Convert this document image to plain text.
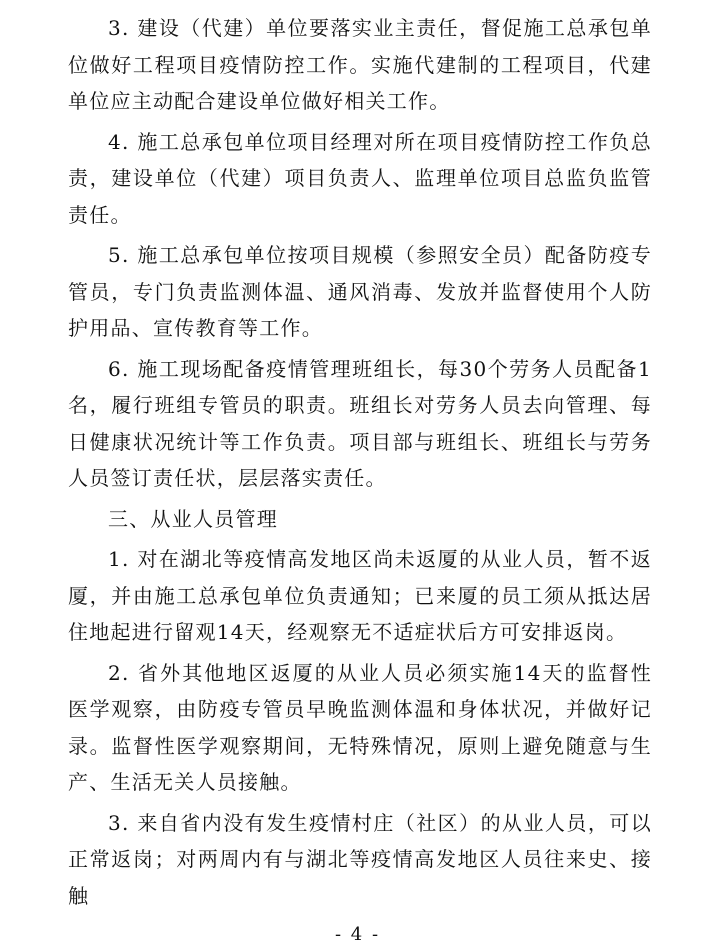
3. 建设（代建）单位要落实业主责任，督促施工总承包单位做好工程项目疫情防控工作。实施代建制的工程项目，代建单位应主动配合建设单位做好相关工作。

4. 施工总承包单位项目经理对所在项目疫情防控工作负总责，建设单位（代建）项目负责人、监理单位项目总监负监管责任。

5. 施工总承包单位按项目规模（参照安全员）配备防疫专管员，专门负责监测体温、通风消毒、发放并监督使用个人防护用品、宣传教育等工作。

6. 施工现场配备疫情管理班组长，每30个劳务人员配备1名，履行班组专管员的职责。班组长对劳务人员去向管理、每日健康状况统计等工作负责。项目部与班组长、班组长与劳务人员签订责任状，层层落实责任。

三、从业人员管理

1. 对在湖北等疫情高发地区尚未返厦的从业人员，暂不返厦，并由施工总承包单位负责通知；已来厦的员工须从抵达居住地起进行留观14天，经观察无不适症状后方可安排返岗。

2. 省外其他地区返厦的从业人员必须实施14天的监督性医学观察，由防疫专管员早晚监测体温和身体状况，并做好记录。监督性医学观察期间，无特殊情况，原则上避免随意与生产、生活无关人员接触。

3. 来自省内没有发生疫情村庄（社区）的从业人员，可以正常返岗；对两周内有与湖北等疫情高发地区人员往来史、接触

- 4 -
